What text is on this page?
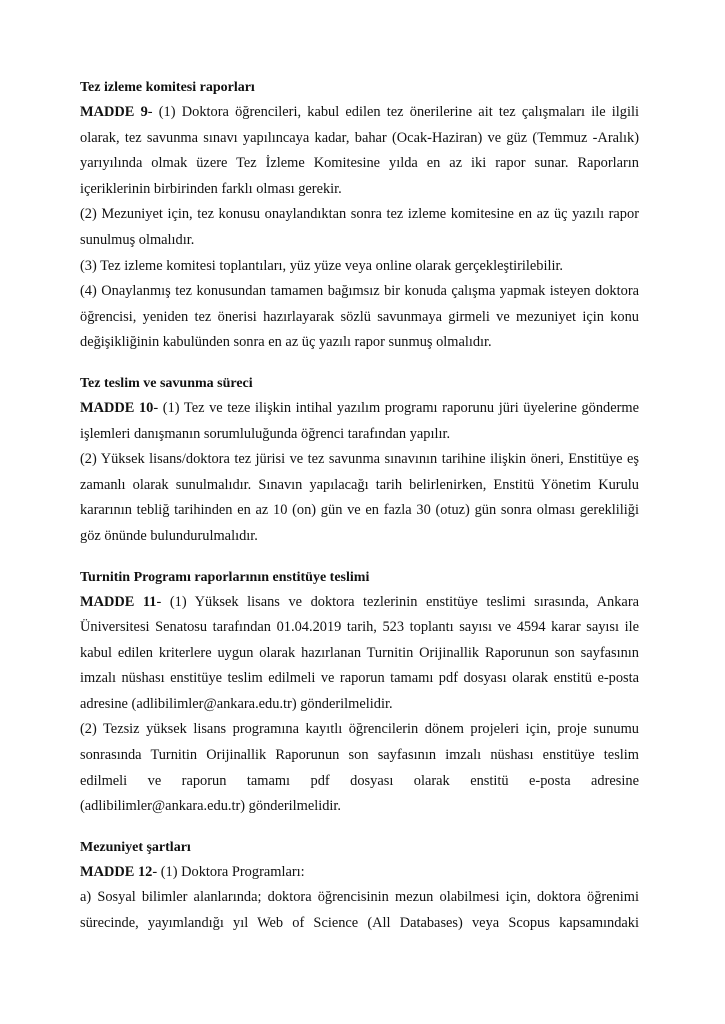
Tez izleme komitesi raporları

MADDE 9- (1) Doktora öğrencileri, kabul edilen tez önerilerine ait tez çalışmaları ile ilgili

olarak, tez savunma sınavı yapılıncaya kadar, bahar (Ocak-Haziran) ve güz (Temmuz -Aralık)

yarıyılında olmak üzere Tez İzleme Komitesine yılda en az iki rapor sunar. Raporların

içeriklerinin birbirinden farklı olması gerekir.

(2) Mezuniyet için, tez konusu onaylandıktan sonra tez izleme komitesine en az üç yazılı rapor

sunulmuş olmalıdır.

(3) Tez izleme komitesi toplantıları, yüz yüze veya online olarak gerçekleştirilebilir.

(4) Onaylanmış tez konusundan tamamen bağımsız bir konuda çalışma yapmak isteyen doktora

öğrencisi, yeniden tez önerisi hazırlayarak sözlü savunmaya girmeli ve mezuniyet için konu

değişikliğinin kabulünden sonra en az üç yazılı rapor sunmuş olmalıdır.

Tez teslim ve savunma süreci

MADDE 10- (1) Tez ve teze ilişkin intihal yazılım programı raporunu jüri üyelerine gönderme

işlemleri danışmanın sorumluluğunda öğrenci tarafından yapılır.

(2) Yüksek lisans/doktora tez jürisi ve tez savunma sınavının tarihine ilişkin öneri, Enstitüye eş

zamanlı olarak sunulmalıdır. Sınavın yapılacağı tarih belirlenirken, Enstitü Yönetim Kurulu

kararının tebliğ tarihinden en az 10 (on) gün ve en fazla 30 (otuz) gün sonra olması gerekliliği

göz önünde bulundurulmalıdır.

Turnitin Programı raporlarının enstitüye teslimi

MADDE 11- (1) Yüksek lisans ve doktora tezlerinin enstitüye teslimi sırasında, Ankara

Üniversitesi Senatosu tarafından 01.04.2019 tarih, 523 toplantı sayısı ve 4594 karar sayısı ile

kabul edilen kriterlere uygun olarak hazırlanan Turnitin Orijinallik Raporunun son sayfasının

imzalı nüshası enstitüye teslim edilmeli ve raporun tamamı pdf dosyası olarak enstitü e-posta

adresine (adlibilimler@ankara.edu.tr) gönderilmelidir.

(2) Tezsiz yüksek lisans programına kayıtlı öğrencilerin dönem projeleri için, proje sunumu

sonrasında Turnitin Orijinallik Raporunun son sayfasının imzalı nüshası enstitüye teslim

edilmeli ve raporun tamamı pdf dosyası olarak enstitü e-posta adresine

(adlibilimler@ankara.edu.tr) gönderilmelidir.

Mezuniyet şartları

MADDE 12- (1) Doktora Programları:

a) Sosyal bilimler alanlarında; doktora öğrencisinin mezun olabilmesi için, doktora öğrenimi

sürecinde, yayımlandığı yıl Web of Science (All Databases) veya Scopus kapsamındaki
